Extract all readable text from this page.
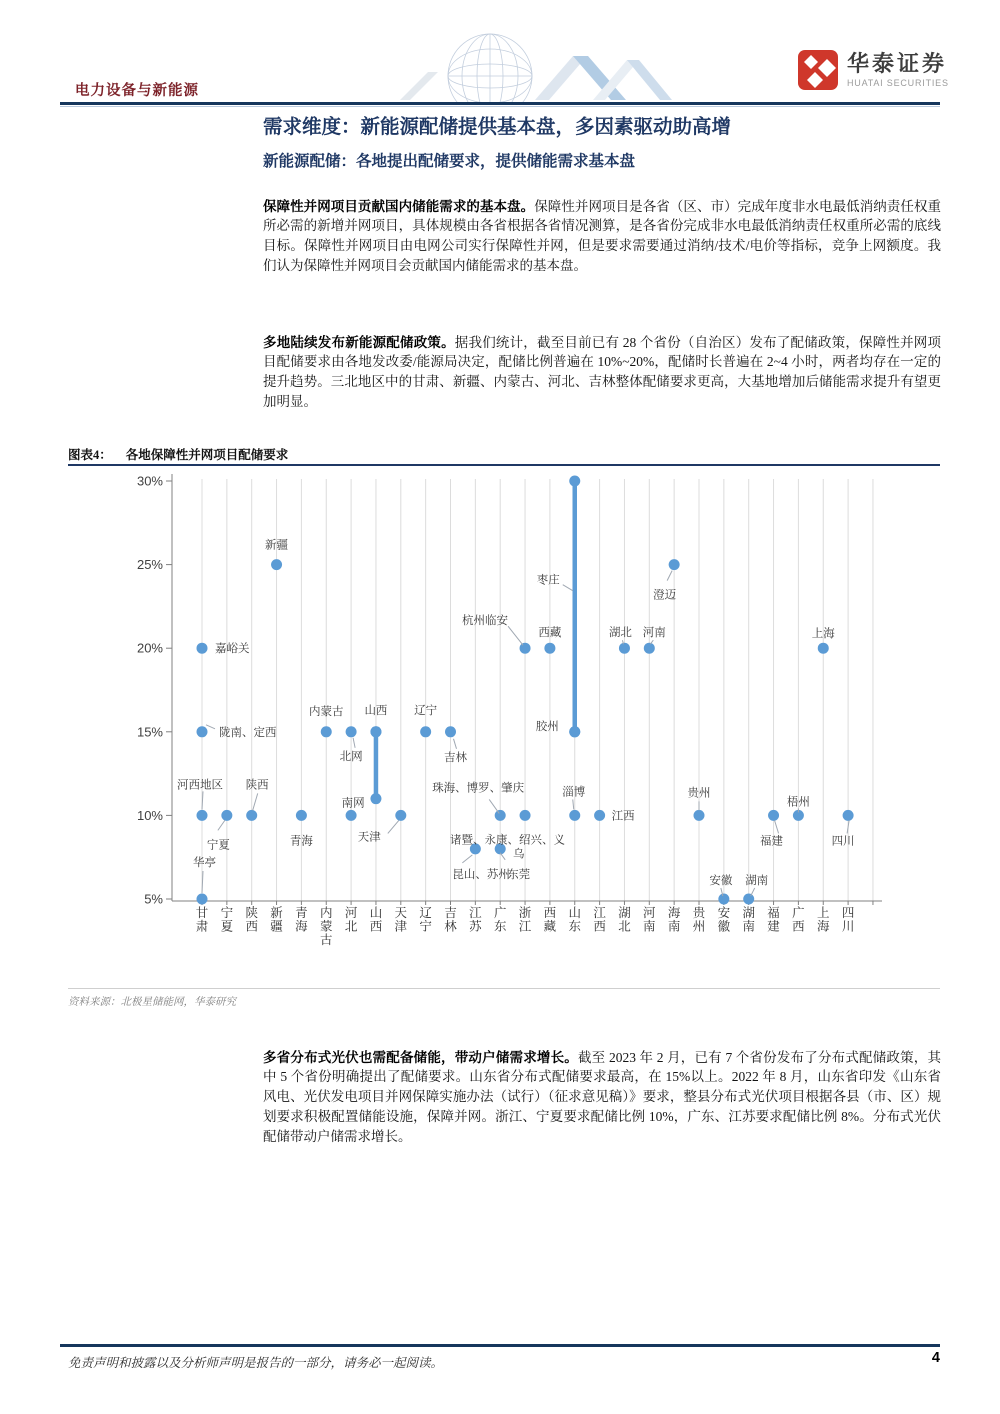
电力设备与新能源
华泰证券
HUATAI SECURITIES
需求维度：新能源配储提供基本盘，多因素驱动助高增
新能源配储：各地提出配储要求，提供储能需求基本盘

保障性并网项目贡献国内储能需求的基本盘。保障性并网项目是各省（区、市）完成年度非水电最低消纳责任权重所必需的新增并网项目，具体规模由各省根据各省情况测算，是各省份完成非水电最低消纳责任权重所必需的底线目标。保障性并网项目由电网公司实行保障性并网，但是要求需要通过消纳/技术/电价等指标，竞争上网额度。我们认为保障性并网项目会贡献国内储能需求的基本盘。

多地陆续发布新能源配储政策。据我们统计，截至目前已有 28 个省份（自治区）发布了配储政策，保障性并网项目配储要求由各地发改委/能源局决定，配储比例普遍在 10%~20%，配储时长普遍在 2~4 小时，两者均存在一定的提升趋势。三北地区中的甘肃、新疆、内蒙古、河北、吉林整体配储要求更高，大基地增加后储能需求提升有望更加明显。

图表4： 各地保障性并网项目配储要求
30%
25%
20%
15%
10%
5%
甘
肃
宁
夏
陕
西
新
疆
青
海
内
蒙
古
河
北
山
西
天
津
辽
宁
吉
林
江
苏
广
东
浙
江
西
藏
山
东
江
西
湖
北
河
南
海
南
贵
州
安
徽
湖
南
福
建
广
西
上
海
四
川
枣庄
嘉峪关
陇南、定西
河西地区
华亭
宁夏
陕西
新疆
青海
内蒙古
北网
南网
山西
天津
辽宁
吉林
昆山、苏州
珠海、博罗、肇庆
东莞
杭州临安
诸暨、永康、绍兴、义
乌
西藏
胶州
淄博
江西
湖北 河南
澄迈
贵州
安徽 湖南
福建
梧州
上海
四川
资料来源：北极星储能网，华泰研究

多省分布式光伏也需配备储能，带动户储需求增长。截至 2023 年 2 月，已有 7 个省份发布了分布式配储政策，其中 5 个省份明确提出了配储要求。山东省分布式配储要求最高，在 15%以上。2022 年 8 月，山东省印发《山东省风电、光伏发电项目并网保障实施办法（试行）（征求意见稿）》要求，整县分布式光伏项目根据各县（市、区）规划要求积极配置储能设施，保障并网。浙江、宁夏要求配储比例 10%，广东、江苏要求配储比例 8%。分布式光伏配储带动户储需求增长。

免责声明和披露以及分析师声明是报告的一部分，请务必一起阅读。	4
